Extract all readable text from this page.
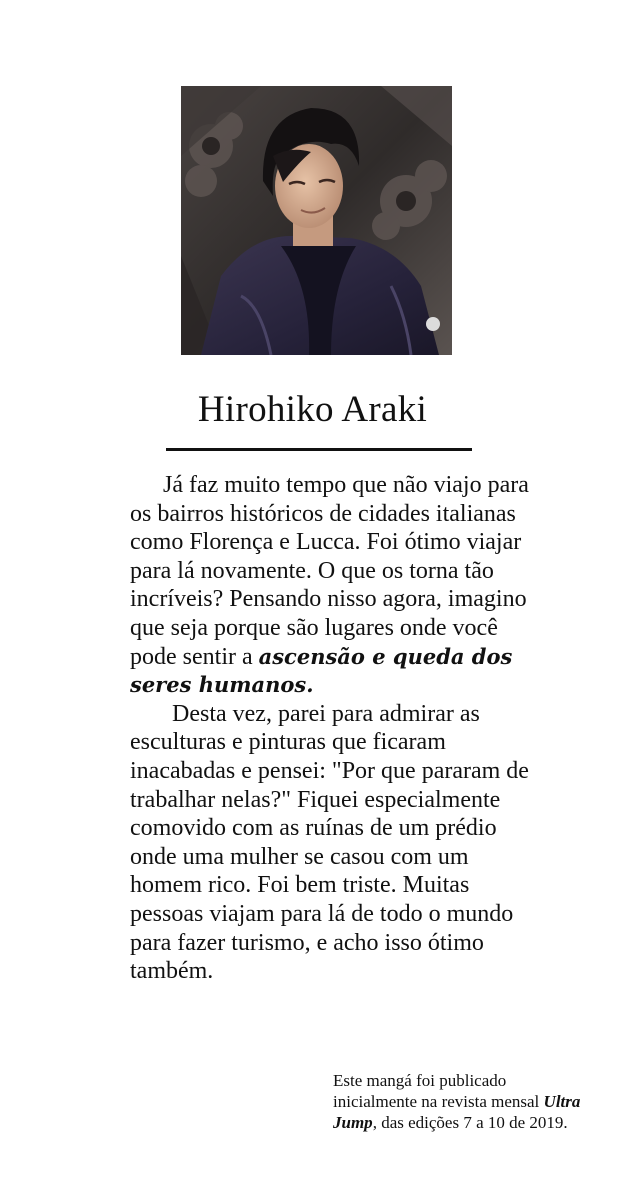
Hirohiko Araki

Já faz muito tempo que não viajo para os bairros históricos de cidades italianas como Florença e Lucca. Foi ótimo viajar para lá novamente. O que os torna tão incríveis? Pensando nisso agora, imagino que seja porque são lugares onde você pode sentir a ascensão e queda dos seres humanos.

Desta vez, parei para admirar as esculturas e pinturas que ficaram inacabadas e pensei: "Por que pararam de trabalhar nelas?" Fiquei especialmente comovido com as ruínas de um prédio onde uma mulher se casou com um homem rico. Foi bem triste. Muitas pessoas viajam para lá de todo o mundo para fazer turismo, e acho isso ótimo também.

Este mangá foi publicado inicialmente na revista mensal Ultra Jump, das edições 7 a 10 de 2019.
